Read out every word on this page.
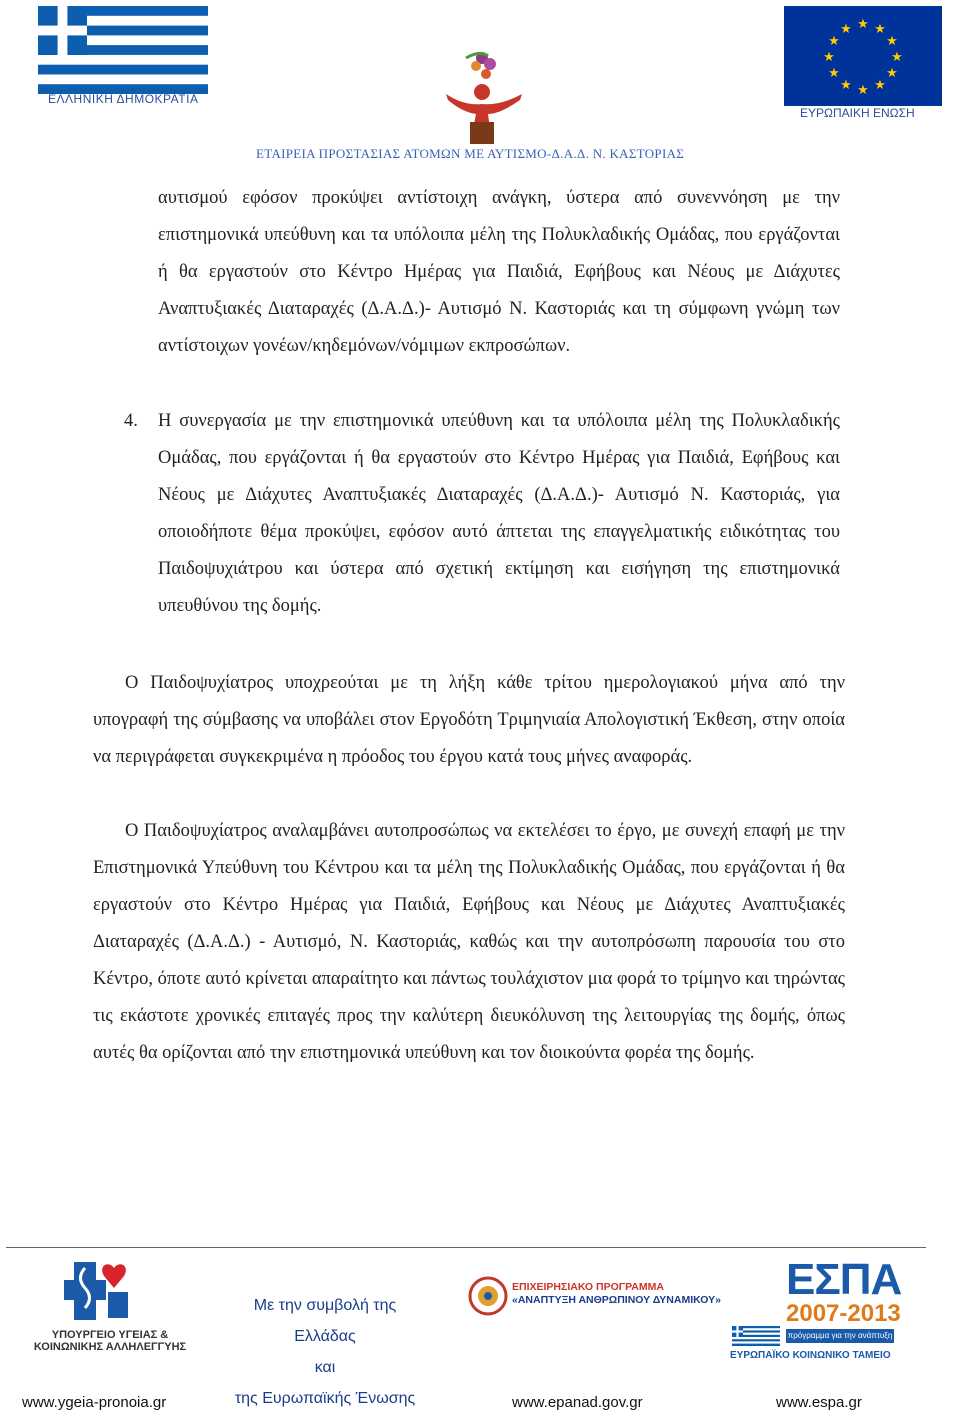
ΕΛΛΗΝΙΚΗ ΔΗΜΟΚΡΑΤΙΑ
★ ★
★
★
★
★
★
★
★
★
★
★
ΕΥΡΩΠΑΙΚΗ ΕΝΩΣΗ
ΕΤΑΙΡΕΙΑ ΠΡΟΣΤΑΣΙΑΣ ΑΤΟΜΩΝ ΜΕ ΑΥΤΙΣΜΟ-Δ.Α.Δ. Ν. ΚΑΣΤΟΡΙΑΣ
αυτισμού εφόσον προκύψει αντίστοιχη ανάγκη, ύστερα από συνεννόηση με την επιστημονικά υπεύθυνη και τα υπόλοιπα μέλη της Πολυκλαδικής Ομάδας, που εργάζονται ή θα εργαστούν στο Κέντρο Ημέρας για Παιδιά, Εφήβους και Νέους με Διάχυτες Αναπτυξιακές Διαταραχές (Δ.Α.Δ.)- Αυτισμό Ν. Καστοριάς και τη σύμφωνη γνώμη των αντίστοιχων γονέων/κηδεμόνων/νόμιμων εκπροσώπων.
4. Η συνεργασία με την επιστημονικά υπεύθυνη και τα υπόλοιπα μέλη της Πολυκλαδικής Ομάδας, που εργάζονται ή θα εργαστούν στο Κέντρο Ημέρας για Παιδιά, Εφήβους και Νέους με Διάχυτες Αναπτυξιακές Διαταραχές (Δ.Α.Δ.)- Αυτισμό Ν. Καστοριάς, για οποιοδήποτε θέμα προκύψει, εφόσον αυτό άπτεται της επαγγελματικής ειδικότητας του Παιδοψυχιάτρου και ύστερα από σχετική εκτίμηση και εισήγηση της επιστημονικά υπευθύνου της δομής.
Ο Παιδοψυχίατρος υποχρεούται με τη λήξη κάθε τρίτου ημερολογιακού μήνα από την υπογραφή της σύμβασης να υποβάλει στον Εργοδότη Τριμηνιαία Απολογιστική Έκθεση, στην οποία να περιγράφεται συγκεκριμένα η πρόοδος του έργου κατά τους μήνες αναφοράς.
Ο Παιδοψυχίατρος αναλαμβάνει αυτοπροσώπως να εκτελέσει το έργο, με συνεχή επαφή με την Επιστημονικά Υπεύθυνη του Κέντρου και τα μέλη της Πολυκλαδικής Ομάδας, που εργάζονται ή θα εργαστούν στο Κέντρο Ημέρας για Παιδιά, Εφήβους και Νέους με Διάχυτες Αναπτυξιακές Διαταραχές (Δ.Α.Δ.) - Αυτισμό, Ν. Καστοριάς, καθώς και την αυτοπρόσωπη παρουσία του στο Κέντρο, όποτε αυτό κρίνεται απαραίτητο και πάντως τουλάχιστον μια φορά το τρίμηνο και τηρώντας τις εκάστοτε χρονικές επιταγές προς την καλύτερη διευκόλυνση της λειτουργίας της δομής, όπως αυτές θα ορίζονται από την επιστημονικά υπεύθυνη και τον διοικούντα φορέα της δομής.
ΥΠΟΥΡΓΕΙΟ ΥΓΕΙΑΣ & ΚΟΙΝΩΝΙΚΗΣ ΑΛΛΗΛΕΓΓΥΗΣ
Με την συμβολή της
Ελλάδας
και
της Ευρωπαϊκής Ένωσης
ΕΠΙΧΕΙΡΗΣΙΑΚΟ ΠΡΟΓΡΑΜΜΑ
«ΑΝΑΠΤΥΞΗ ΑΝΘΡΩΠΙΝΟΥ ΔΥΝΑΜΙΚΟΥ»	ΕΣΠΑ
2007-2013
πρόγραμμα για την ανάπτυξη
ΕΥΡΩΠΑΪΚΟ ΚΟΙΝΩΝΙΚΟ ΤΑΜΕΙΟ
www.ygeia-pronoia.gr	www.epanad.gov.gr	www.espa.gr
